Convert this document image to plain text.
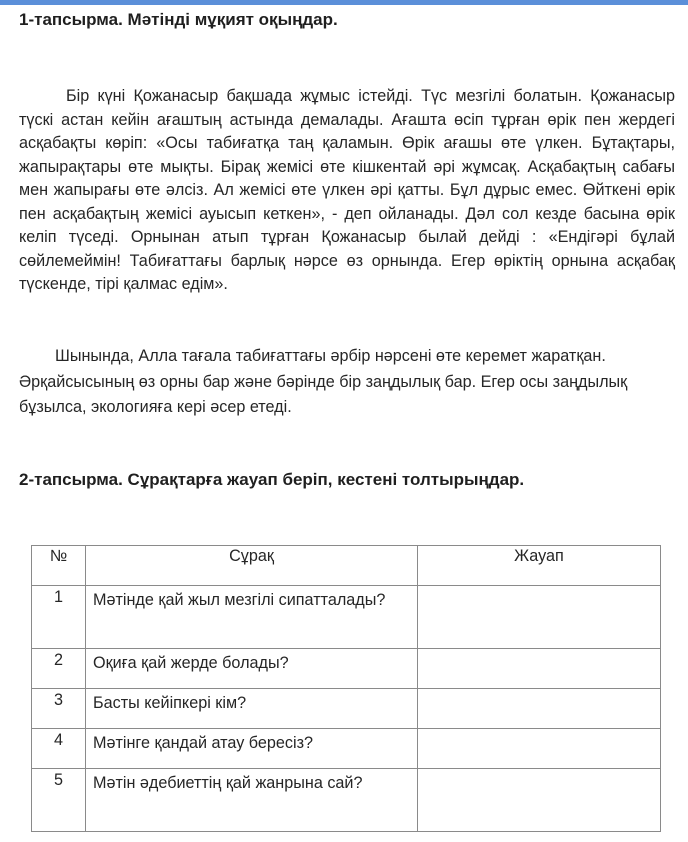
1-тапсырма. Мәтінді мұқият оқыңдар.

Бір күні Қожанасыр бақшада жұмыс істейді. Түс мезгілі болатын. Қожанасыр түскі астан кейін ағаштың астында демалады. Ағашта өсіп тұрған өрік пен жердегі асқабақты көріп: «Осы табиғатқа таң қаламын. Өрік ағашы өте үлкен. Бұтақтары, жапырақтары өте мықты. Бірақ жемісі өте кішкентай әрі жұмсақ. Асқабақтың сабағы мен жапырағы өте әлсіз. Ал жемісі өте үлкен әрі қатты. Бұл дұрыс емес. Өйткені өрік пен асқабақтың жемісі ауысып кеткен», - деп ойланады. Дәл сол кезде басына өрік келіп түседі. Орнынан атып тұрған Қожанасыр былай дейді : «Ендігәрі бұлай сөйлемеймін! Табиғаттағы барлық нәрсе өз орнында. Егер өріктің орнына асқабақ түскенде, тірі қалмас едім».

Шынында, Алла тағала табиғаттағы әрбір нәрсені өте керемет жаратқан. Әрқайсысының өз орны бар және бәрінде бір заңдылық бар. Егер осы заңдылық бұзылса, экологияға кері әсер етеді.

2-тапсырма. Сұрақтарға жауап беріп, кестені толтырыңдар.
№	Сұрақ	Жауап
1	Мәтінде қай жыл мезгілі сипатталады?	
2	Оқиға қай жерде болады?	
3	Басты кейіпкері кім?	
4	Мәтінге қандай атау бересіз?	
5	Мәтін әдебиеттің қай жанрына сай?	
